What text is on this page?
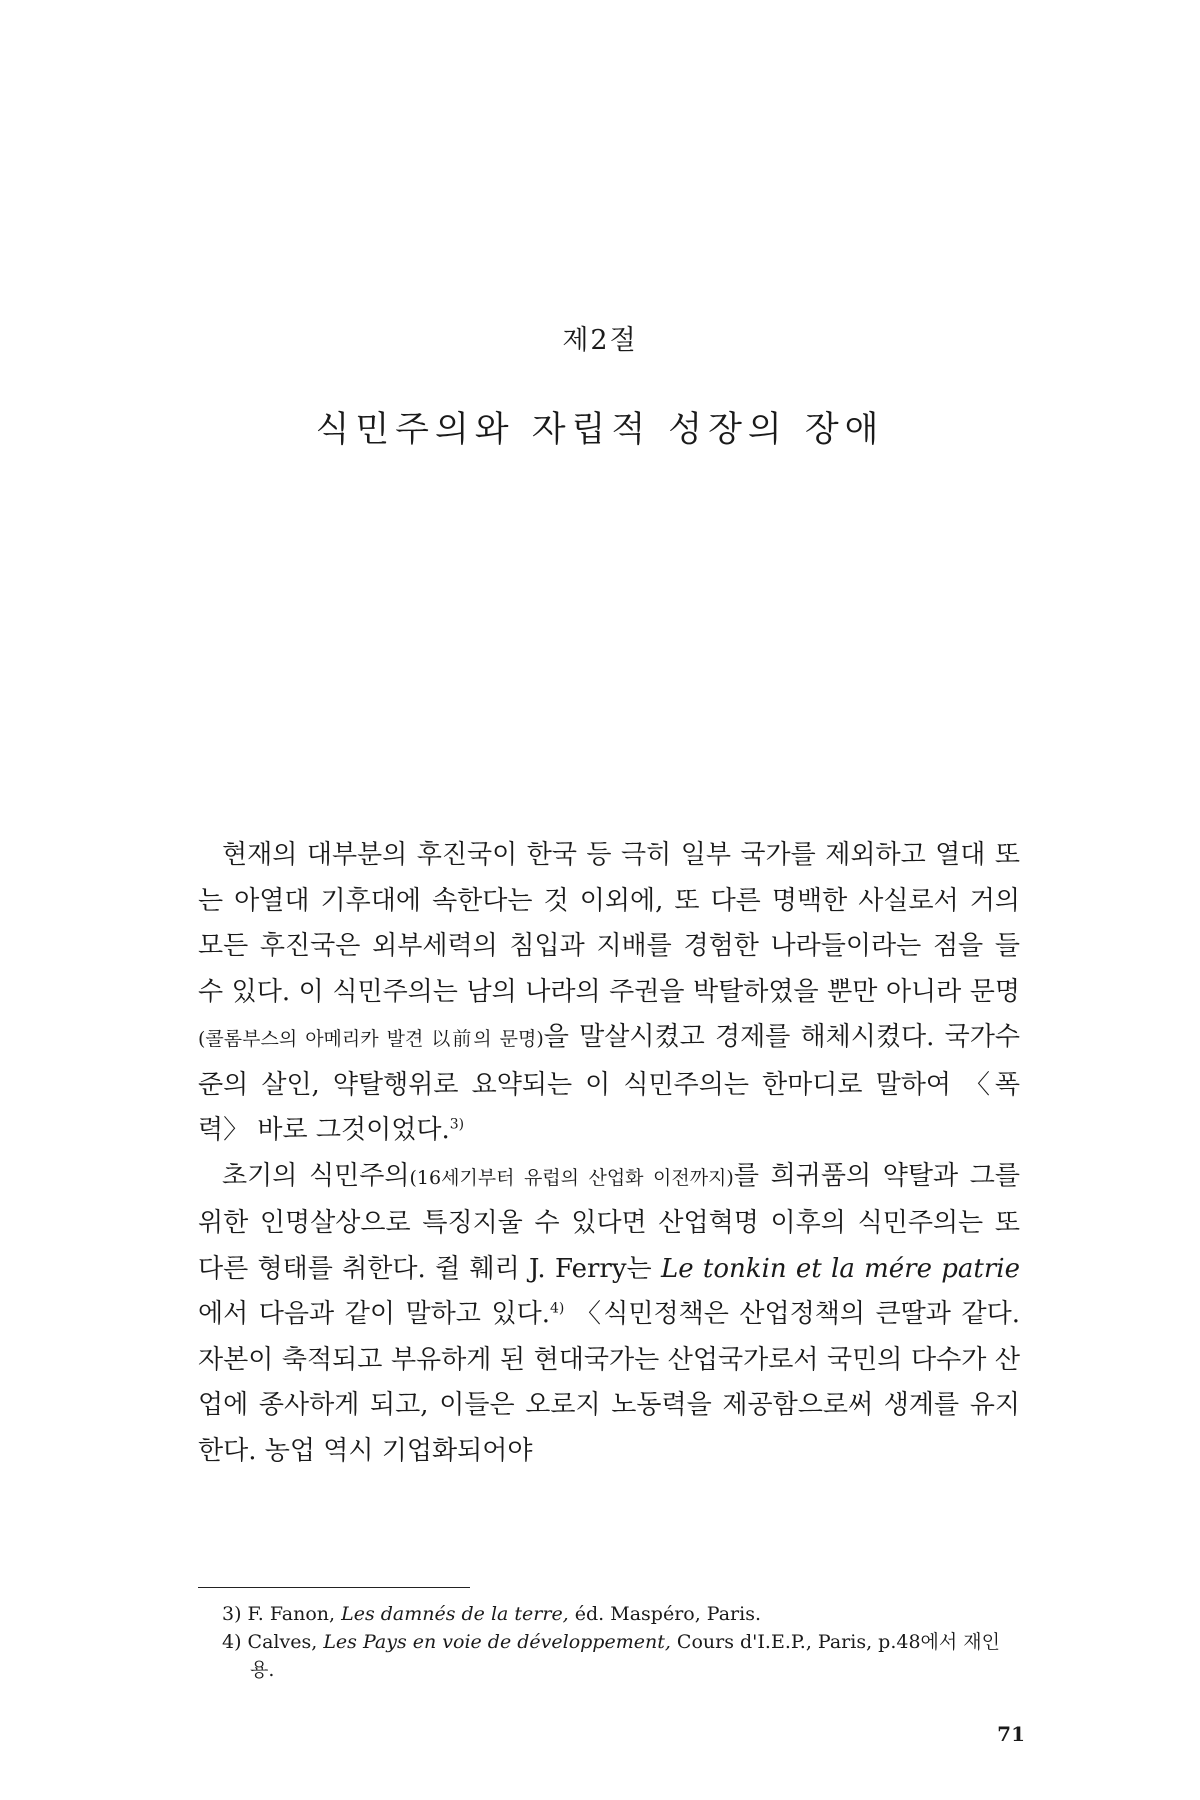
제2절
식민주의와 자립적 성장의 장애

현재의 대부분의 후진국이 한국 등 극히 일부 국가를 제외하고 열대 또는 아열대 기후대에 속한다는 것 이외에, 또 다른 명백한 사실로서 거의 모든 후진국은 외부세력의 침입과 지배를 경험한 나라들이라는 점을 들 수 있다. 이 식민주의는 남의 나라의 주권을 박탈하였을 뿐만 아니라 문명(콜롬부스의 아메리카 발견 以前의 문명)을 말살시켰고 경제를 해체시켰다. 국가수준의 살인, 약탈행위로 요약되는 이 식민주의는 한마디로 말하여 〈폭력〉 바로 그것이었다.$^{3)}$

초기의 식민주의(16세기부터 유럽의 산업화 이전까지)를 희귀품의 약탈과 그를 위한 인명살상으로 특징지울 수 있다면 산업혁명 이후의 식민주의는 또 다른 형태를 취한다. 쥘 훼리 J. Ferry는 Le tonkin et la mére patrie에서 다음과 같이 말하고 있다.$^{4)}$ 〈식민정책은 산업정책의 큰딸과 같다. 자본이 축적되고 부유하게 된 현대국가는 산업국가로서 국민의 다수가 산업에 종사하게 되고, 이들은 오로지 노동력을 제공함으로써 생계를 유지한다. 농업 역시 기업화되어야

3) F. Fanon, Les damnés de la terre, éd. Maspéro, Paris.

4) Calves, Les Pays en voie de développement, Cours d'I.E.P., Paris, p.48에서 재인용.

71
